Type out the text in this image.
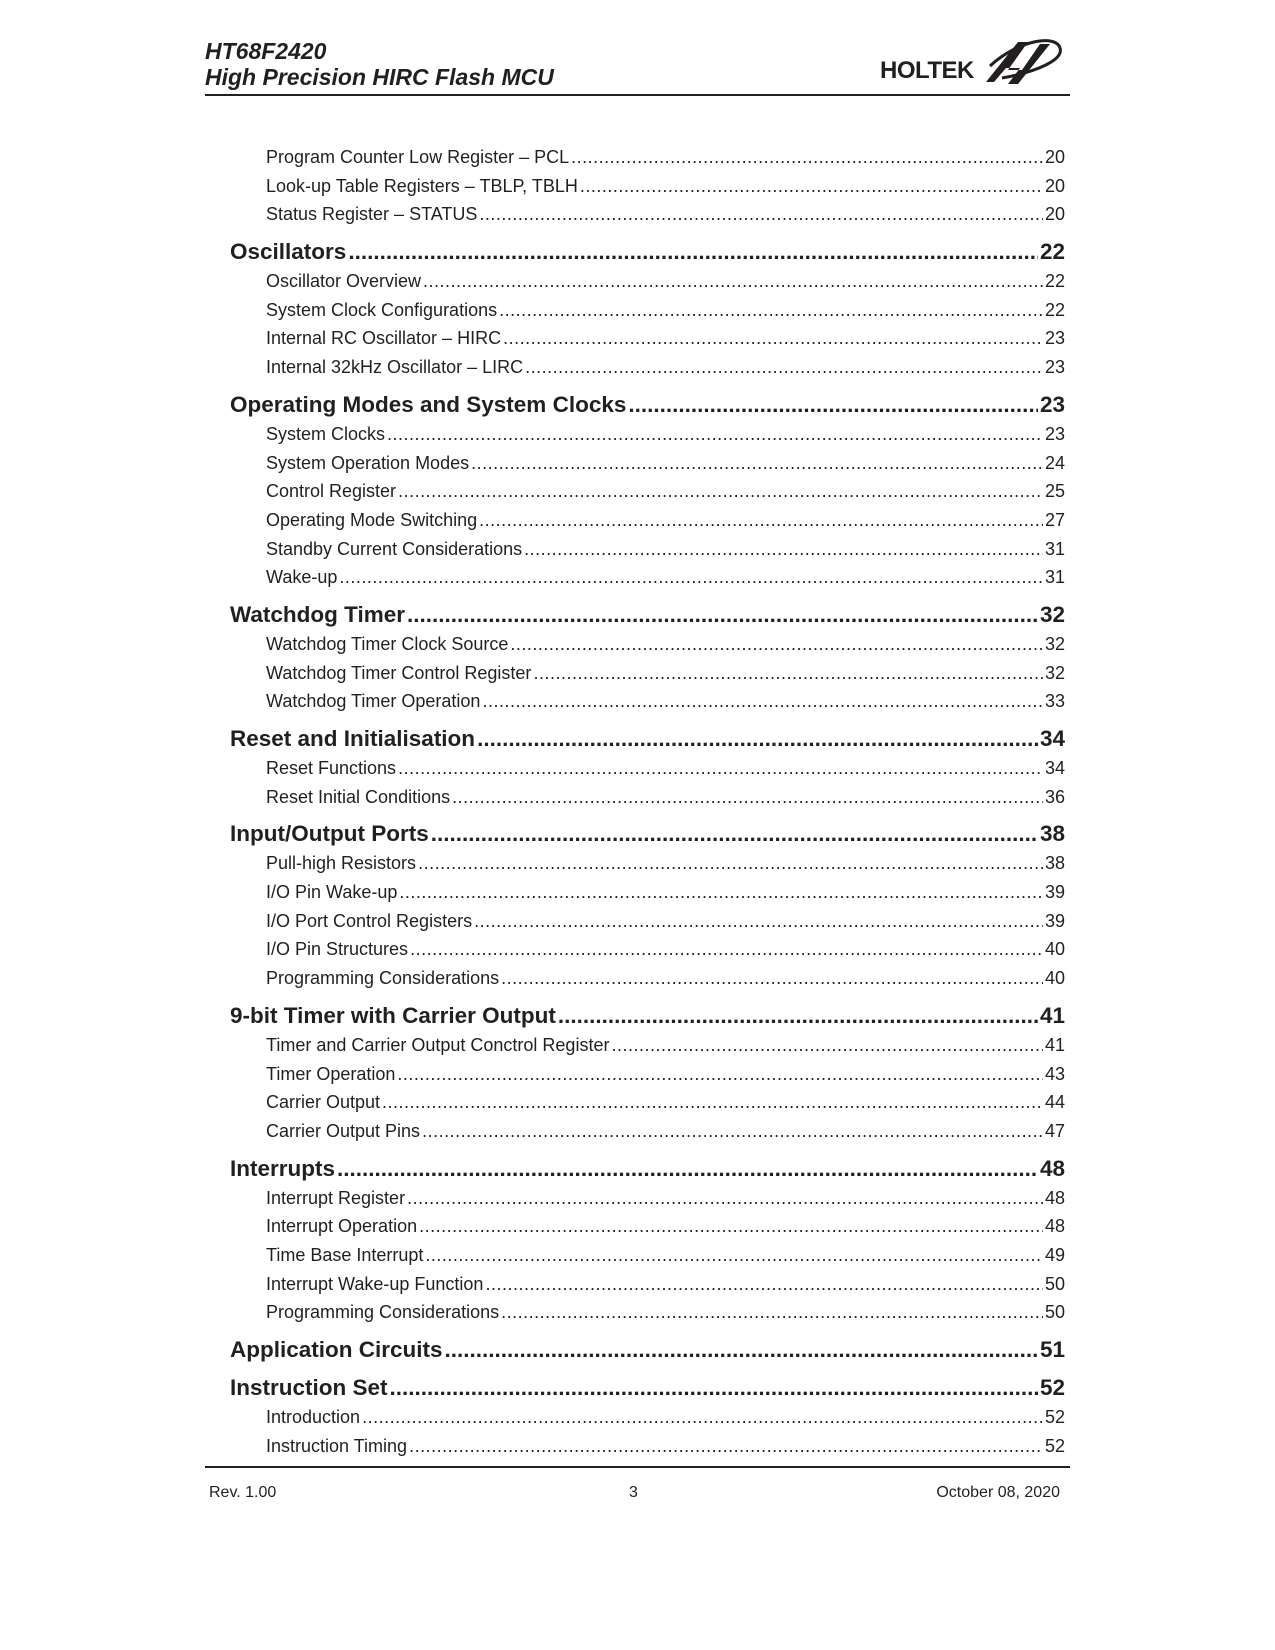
HT68F2420
High Precision HIRC Flash MCU	HOLTEK
Program Counter Low Register – PCL .....	20
Look-up Table Registers – TBLP, TBLH .....	20
Status Register – STATUS .....	20
Oscillators .....	22
Oscillator Overview .....	22
System Clock Configurations .....	22
Internal RC Oscillator – HIRC .....	23
Internal 32kHz Oscillator – LIRC .....	23
Operating Modes and System Clocks .....	23
System Clocks .....	23
System Operation Modes .....	24
Control Register .....	25
Operating Mode Switching .....	27
Standby Current Considerations .....	31
Wake-up .....	31
Watchdog Timer .....	32
Watchdog Timer Clock Source .....	32
Watchdog Timer Control Register .....	32
Watchdog Timer Operation .....	33
Reset and Initialisation .....	34
Reset Functions .....	34
Reset Initial Conditions .....	36
Input/Output Ports .....	38
Pull-high Resistors .....	38
I/O Pin Wake-up .....	39
I/O Port Control Registers .....	39
I/O Pin Structures .....	40
Programming Considerations .....	40
9-bit Timer with Carrier Output .....	41
Timer and Carrier Output Conctrol Register .....	41
Timer Operation .....	43
Carrier Output .....	44
Carrier Output Pins .....	47
Interrupts .....	48
Interrupt Register .....	48
Interrupt Operation .....	48
Time Base Interrupt .....	49
Interrupt Wake-up Function .....	50
Programming Considerations .....	50
Application Circuits .....	51
Instruction Set .....	52
Introduction .....	52
Instruction Timing .....	52
Rev. 1.00	3	October 08, 2020
